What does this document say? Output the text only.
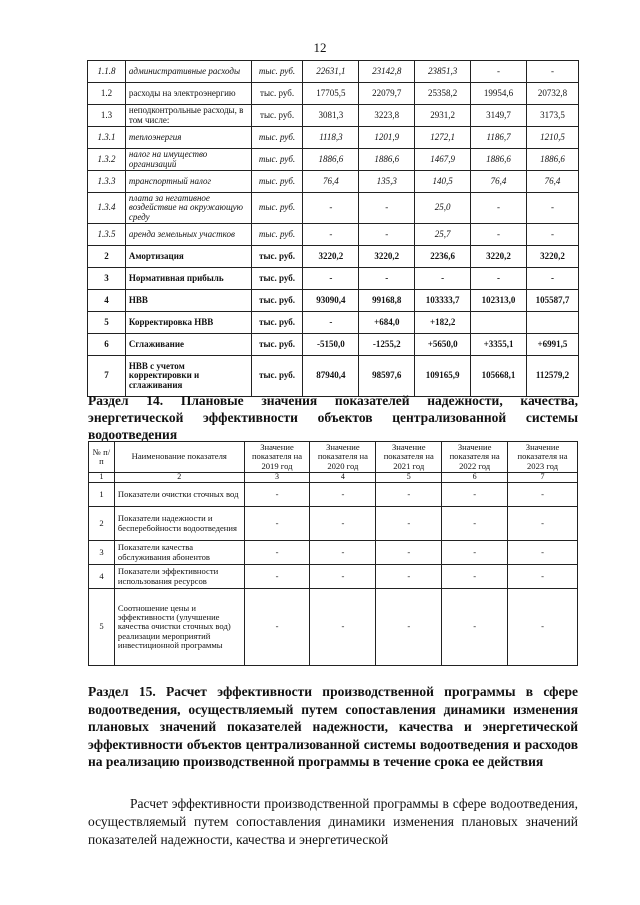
12
1.1.8	административные расходы	тыс. руб.	22631,1	23142,8	23851,3	-	-
1.2	расходы на электроэнергию	тыс. руб.	17705,5	22079,7	25358,2	19954,6	20732,8
1.3	неподконтрольные расходы, в том числе:	тыс. руб.	3081,3	3223,8	2931,2	3149,7	3173,5
1.3.1	теплоэнергия	тыс. руб.	1118,3	1201,9	1272,1	1186,7	1210,5
1.3.2	налог на имущество организаций	тыс. руб.	1886,6	1886,6	1467,9	1886,6	1886,6
1.3.3	транспортный налог	тыс. руб.	76,4	135,3	140,5	76,4	76,4
1.3.4	плата за негативное воздействие на окружающую среду	тыс. руб.	-	-	25,0	-	-
1.3.5	аренда земельных участков	тыс. руб.	-	-	25,7	-	-
2	Амортизация	тыс. руб.	3220,2	3220,2	2236,6	3220,2	3220,2
3	Нормативная прибыль	тыс. руб.	-	-	-	-	-
4	НВВ	тыс. руб.	93090,4	99168,8	103333,7	102313,0	105587,7
5	Корректировка НВВ	тыс. руб.	-	+684,0	+182,2		
6	Сглаживание	тыс. руб.	-5150,0	-1255,2	+5650,0	+3355,1	+6991,5
7	НВВ с учетом корректировки и сглаживания	тыс. руб.	87940,4	98597,6	109165,9	105668,1	112579,2
Раздел 14. Плановые значения показателей надежности, качества, энергетической эффективности объектов централизованной системы водоотведения
№ п/п	Наименование показателя	Значение показателя на 2019 год	Значение показателя на 2020 год	Значение показателя на 2021 год	Значение показателя на 2022 год	Значение показателя на 2023 год
1	2	3	4	5	6	7
1	Показатели очистки сточных вод	-	-	-	-	-
2	Показатели надежности и бесперебойности водоотведения	-	-	-	-	-
3	Показатели качества обслуживания абонентов	-	-	-	-	-
4	Показатели эффективности использования ресурсов	-	-	-	-	-
5	Соотношение цены и эффективности (улучшение качества очистки сточных вод) реализации мероприятий инвестиционной программы	-	-	-	-	-
Раздел 15. Расчет эффективности производственной программы в сфере водоотведения, осуществляемый путем сопоставления динамики изменения плановых значений показателей надежности, качества и энергетической эффективности объектов централизованной системы водоотведения и расходов на реализацию производственной программы в течение срока ее действия
Расчет эффективности производственной программы в сфере водоотведения, осуществляемый путем сопоставления динамики изменения плановых значений показателей надежности, качества и энергетической
